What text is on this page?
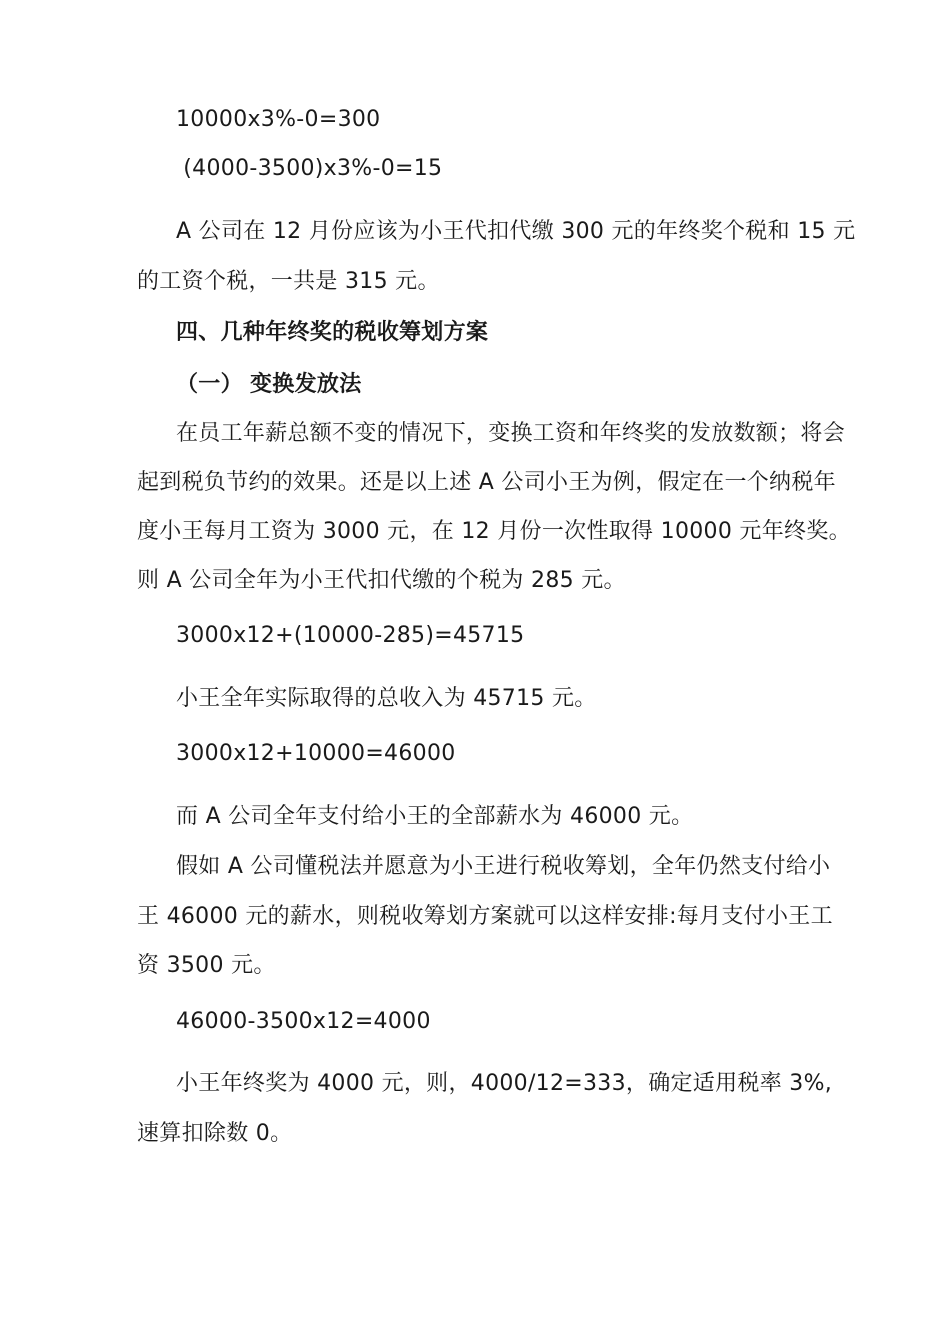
10000x3%-0=300
(4000-3500)x3%-0=15
A 公司在 12 月份应该为小王代扣代缴 300 元的年终奖个税和 15 元
的工资个税，一共是 315 元。
四、几种年终奖的税收筹划方案
（一） 变换发放法
在员工年薪总额不变的情况下，变换工资和年终奖的发放数额；将会
起到税负节约的效果。还是以上述 A 公司小王为例，假定在一个纳税年
度小王每月工资为 3000 元，在 12 月份一次性取得 10000 元年终奖。
则 A 公司全年为小王代扣代缴的个税为 285 元。
3000x12+(10000-285)=45715
小王全年实际取得的总收入为 45715 元。
3000x12+10000=46000
而 A 公司全年支付给小王的全部薪水为 46000 元。
假如 A 公司懂税法并愿意为小王进行税收筹划，全年仍然支付给小
王 46000 元的薪水，则税收筹划方案就可以这样安排:每月支付小王工
资 3500 元。
46000-3500x12=4000
小王年终奖为 4000 元，则，4000/12=333，确定适用税率 3%,
速算扣除数 0。
